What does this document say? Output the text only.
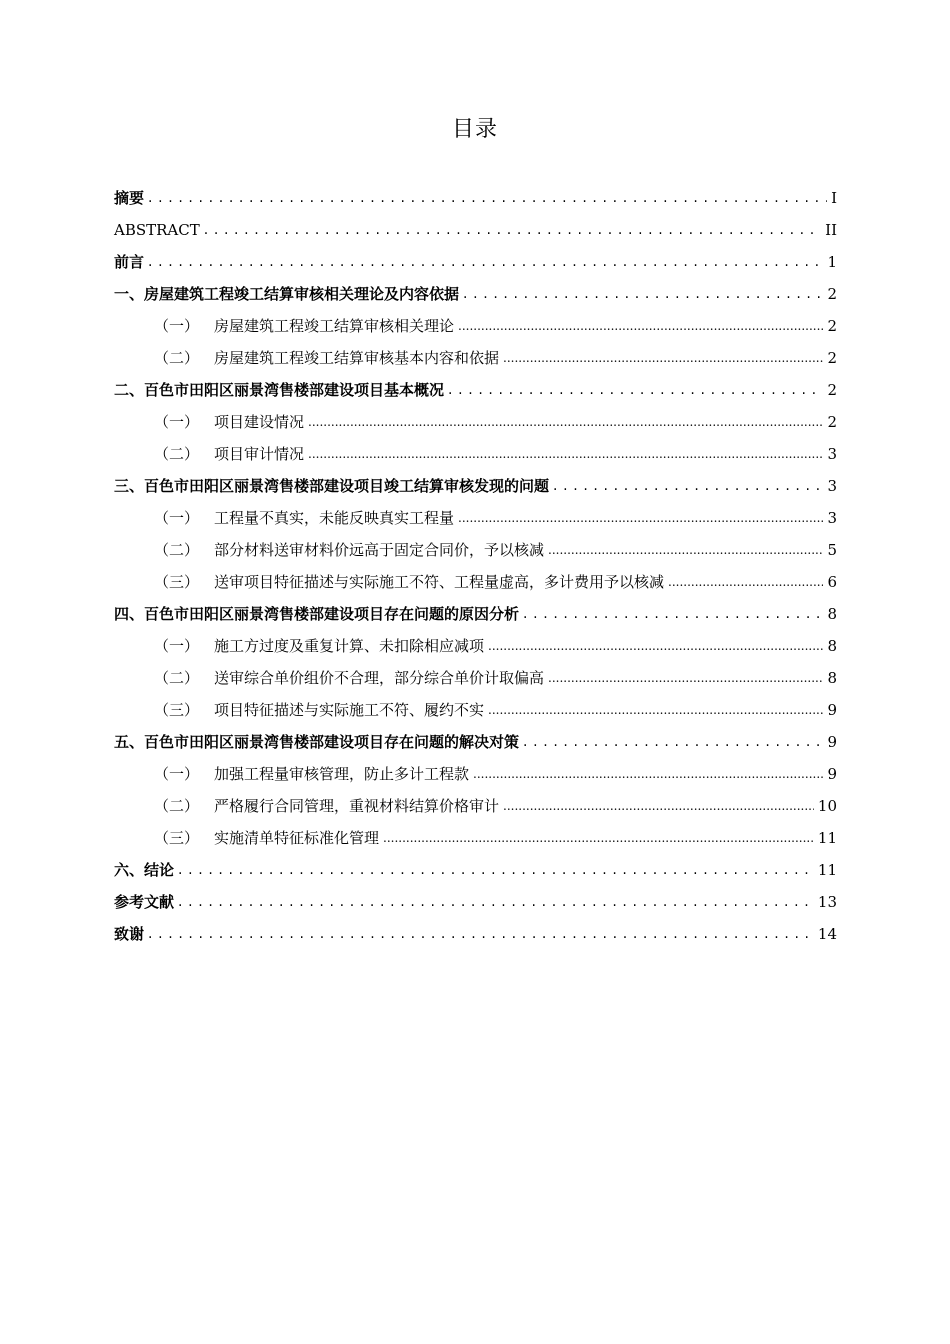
目录
摘要 . . .	I
ABSTRACT . . .	II
前言 . . .	1
一、房屋建筑工程竣工结算审核相关理论及内容依据 . . .	2
（一） 房屋建筑工程竣工结算审核相关理论 .....	2
（二） 房屋建筑工程竣工结算审核基本内容和依据 .....	2
二、百色市田阳区丽景湾售楼部建设项目基本概况 . . .	2
（一） 项目建设情况 .....	2
（二） 项目审计情况 .....	3
三、百色市田阳区丽景湾售楼部建设项目竣工结算审核发现的问题 . . .	3
（一） 工程量不真实，未能反映真实工程量 .....	3
（二） 部分材料送审材料价远高于固定合同价，予以核减 .....	5
（三） 送审项目特征描述与实际施工不符、工程量虚高，多计费用予以核减 .....	6
四、百色市田阳区丽景湾售楼部建设项目存在问题的原因分析 . . .	8
（一） 施工方过度及重复计算、未扣除相应减项 .....	8
（二） 送审综合单价组价不合理，部分综合单价计取偏高 .....	8
（三） 项目特征描述与实际施工不符、履约不实 .....	9
五、百色市田阳区丽景湾售楼部建设项目存在问题的解决对策 . . .	9
（一） 加强工程量审核管理，防止多计工程款 .....	9
（二） 严格履行合同管理，重视材料结算价格审计 .....	10
（三） 实施清单特征标准化管理 .....	11
六、结论 . . .	11
参考文献 . . .	13
致谢 . . .	14
